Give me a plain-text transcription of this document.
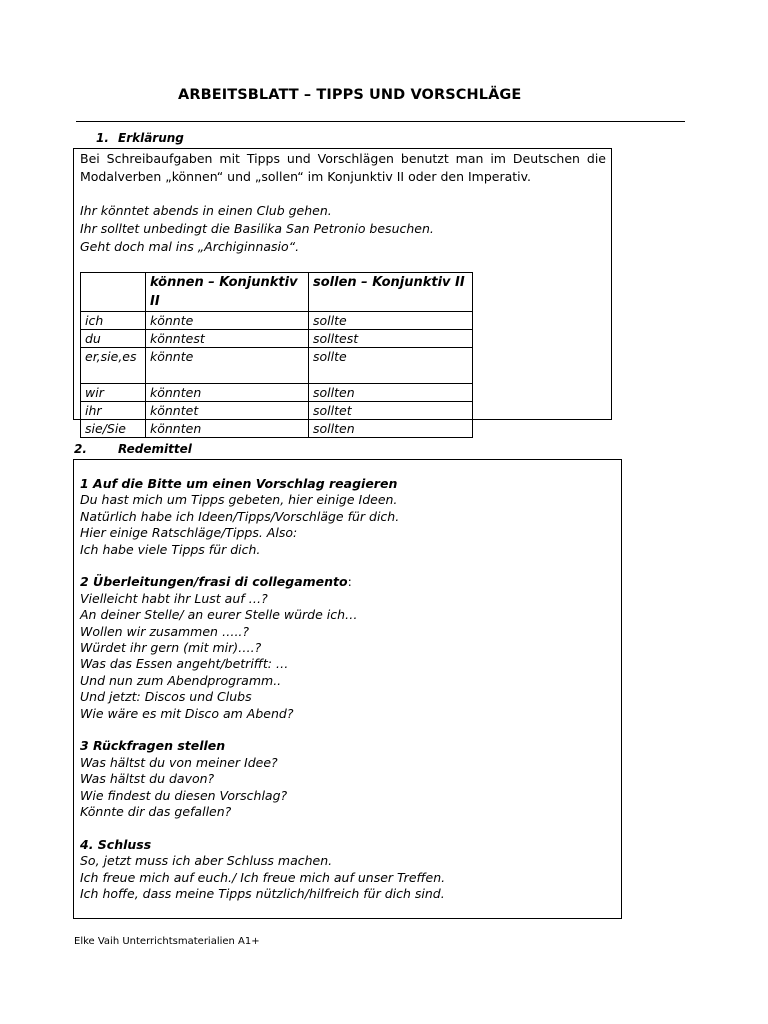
ARBEITSBLATT – TIPPS UND VORSCHLÄGE
1. Erklärung
Bei Schreibaufgaben mit Tipps und Vorschlägen benutzt man im Deutschen die Modalverben „können“ und „sollen“ im Konjunktiv II oder den Imperativ.
Ihr könntet abends in einen Club gehen.
Ihr solltet unbedingt die Basilika San Petronio besuchen.
Geht doch mal ins „Archiginnasio“.
	können – Konjunktiv II	sollen – Konjunktiv II
ich	könnte	sollte
du	könntest	solltest
er,sie,es	könnte	sollte
wir	könnten	sollten
ihr	könntet	solltet
sie/Sie	könnten	sollten
2.	Redemittel
1 Auf die Bitte um einen Vorschlag reagieren
Du hast mich um Tipps gebeten, hier einige Ideen.
Natürlich habe ich Ideen/Tipps/Vorschläge für dich.
Hier einige Ratschläge/Tipps. Also:
Ich habe viele Tipps für dich.
2 Überleitungen/frasi di collegamento:
Vielleicht habt ihr Lust auf …?
An deiner Stelle/ an eurer Stelle würde ich…
Wollen wir zusammen …..?
Würdet ihr gern (mit mir)….?
Was das Essen angeht/betrifft: …
Und nun zum Abendprogramm..
Und jetzt: Discos und Clubs
Wie wäre es mit Disco am Abend?
3 Rückfragen stellen
Was hältst du von meiner Idee?
Was hältst du davon?
Wie findest du diesen Vorschlag?
Könnte dir das gefallen?
4. Schluss
So, jetzt muss ich aber Schluss machen.
Ich freue mich auf euch./ Ich freue mich auf unser Treffen.
Ich hoffe, dass meine Tipps nützlich/hilfreich für dich sind.
Elke Vaih Unterrichtsmaterialien A1+
